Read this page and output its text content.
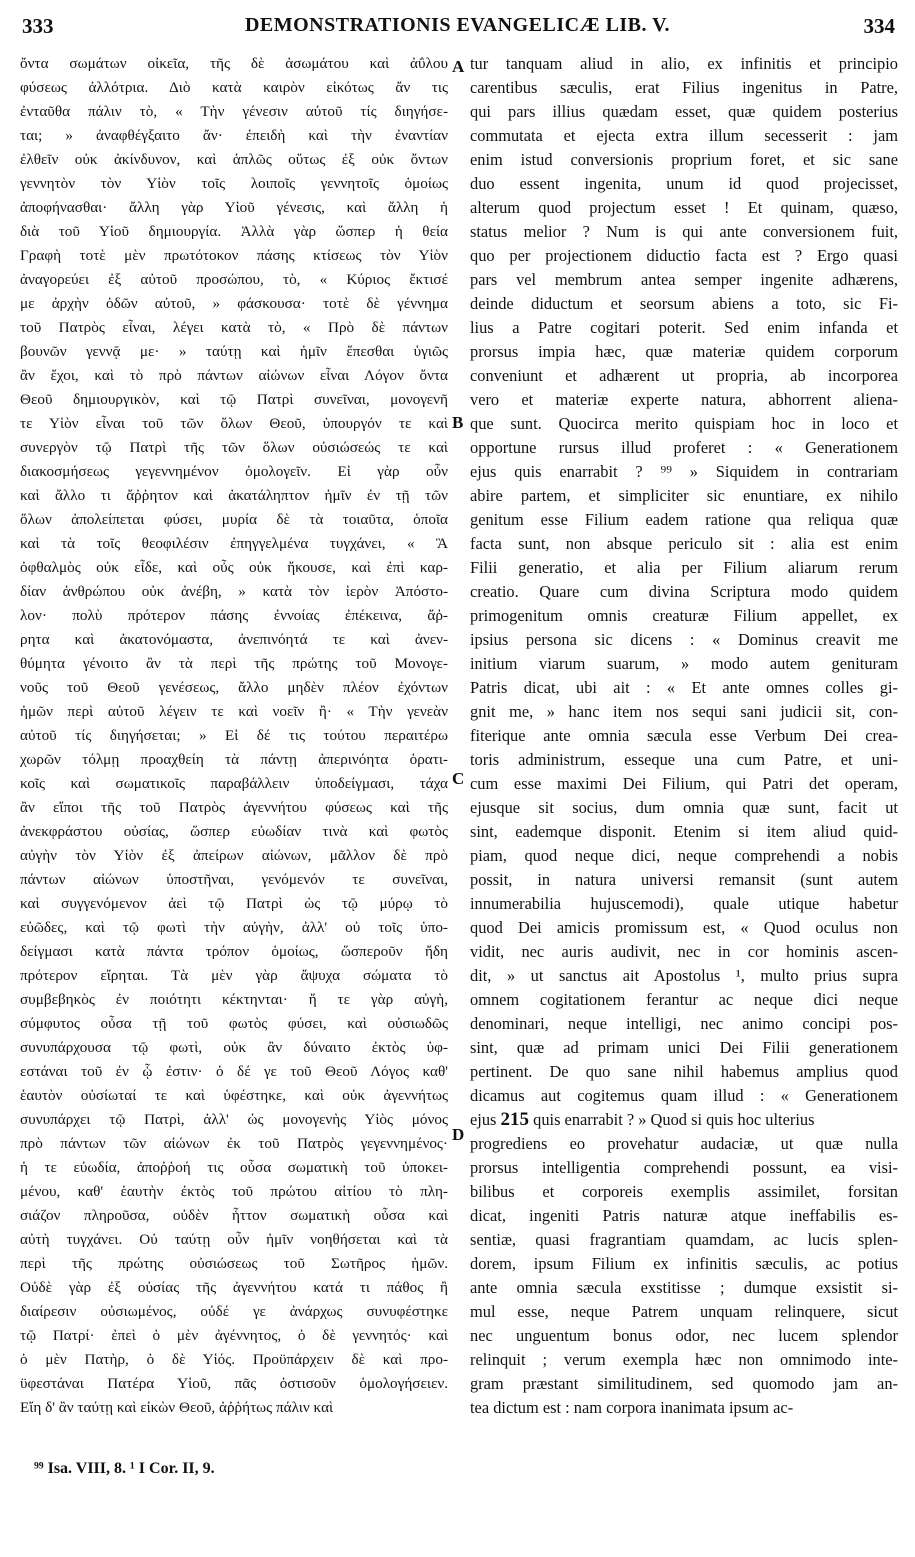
333	DEMONSTRATIONIS EVANGELICÆ LIB. V.	334
ὄντα σωμάτων οἰκεῖα, τῆς δὲ ἀσωμάτου καὶ ἀΰλου
φύσεως ἀλλότρια. Διὸ κατὰ καιρὸν εἰκότως ἄν τις
ἐνταῦθα πάλιν τὸ, « Τὴν γένεσιν αὐτοῦ τίς διηγήσε-
ται; » ἀναφθέγξαιτο ἄν· ἐπειδὴ καὶ τὴν ἐναντίαν
ἐλθεῖν οὐκ ἀκίνδυνον, καὶ ἁπλῶς οὕτως ἐξ οὐκ ὄντων
γεννητὸν τὸν Υἱὸν τοῖς λοιποῖς γεννητοῖς ὁμοίως
ἀποφήνασθαι· ἄλλη γὰρ Υἱοῦ γένεσις, καὶ ἄλλη ἡ
διὰ τοῦ Υἱοῦ δημιουργία. Ἀλλὰ γὰρ ὥσπερ ἡ θεία
Γραφὴ τοτὲ μὲν πρωτότοκον πάσης κτίσεως τὸν Υἱὸν
ἀναγορεύει ἐξ αὐτοῦ προσώπου, τὸ, « Κύριος ἔκτισέ
με ἀρχὴν ὁδῶν αὐτοῦ, » φάσκουσα· τοτὲ δὲ γέννημα
τοῦ Πατρὸς εἶναι, λέγει κατὰ τὸ, « Πρὸ δὲ πάντων
βουνῶν γεννᾷ με· » ταύτῃ καὶ ἡμῖν ἕπεσθαι ὑγιῶς
ἂν ἔχοι, καὶ τὸ πρὸ πάντων αἰώνων εἶναι Λόγον ὄντα
Θεοῦ δημιουργικὸν, καὶ τῷ Πατρὶ συνεῖναι, μονογενῆ
τε Υἱὸν εἶναι τοῦ τῶν ὅλων Θεοῦ, ὑπουργόν τε καὶ
συνεργὸν τῷ Πατρὶ τῆς τῶν ὅλων οὐσιώσεώς τε καὶ
διακοσμήσεως γεγεννημένον ὁμολογεῖν. Εἰ γὰρ οὖν
καὶ ἄλλο τι ἄῤῥητον καὶ ἀκατάληπτον ἡμῖν ἐν τῇ τῶν
ὅλων ἀπολείπεται φύσει, μυρία δὲ τὰ τοιαῦτα, ὁποῖα
καὶ τὰ τοῖς θεοφιλέσιν ἐπηγγελμένα τυγχάνει, « Ἃ
ὀφθαλμὸς οὐκ εἶδε, καὶ οὖς οὐκ ἤκουσε, καὶ ἐπὶ καρ-
δίαν ἀνθρώπου οὐκ ἀνέβη, » κατὰ τὸν ἱερὸν Ἀπόστο-
λον· πολὺ πρότερον πάσης ἐννοίας ἐπέκεινα, ἄῤ-
ρητα καὶ ἀκατονόμαστα, ἀνεπινόητά τε καὶ ἀνεν-
θύμητα γένοιτο ἂν τὰ περὶ τῆς πρώτης τοῦ Μονογε-
νοῦς τοῦ Θεοῦ γενέσεως, ἄλλο μηδὲν πλέον ἐχόντων
ἡμῶν περὶ αὐτοῦ λέγειν τε καὶ νοεῖν ἢ· « Τὴν γενεὰν
αὐτοῦ τίς διηγήσεται; » Εἰ δέ τις τούτου περαιτέρω
χωρῶν τόλμῃ προαχθείη τὰ πάντῃ ἀπερινόητα ὁρατι-
κοῖς καὶ σωματικοῖς παραβάλλειν ὑποδείγμασι, τάχα
ἂν εἴποι τῆς τοῦ Πατρὸς ἀγεννήτου φύσεως καὶ τῆς
ἀνεκφράστου οὐσίας, ὥσπερ εὐωδίαν τινὰ καὶ φωτὸς
αὐγὴν τὸν Υἱὸν ἐξ ἀπείρων αἰώνων, μᾶλλον δὲ πρὸ
πάντων αἰώνων ὑποστῆναι, γενόμενόν τε συνεῖναι,
καὶ συγγενόμενον ἀεὶ τῷ Πατρὶ ὡς τῷ μύρῳ τὸ
εὐῶδες, καὶ τῷ φωτὶ τὴν αὐγὴν, ἀλλ' οὐ τοῖς ὑπο-
δείγμασι κατὰ πάντα τρόπον ὁμοίως, ὥσπεροῦν ἤδη
πρότερον εἴρηται. Τὰ μὲν γὰρ ἄψυχα σώματα τὸ
συμβεβηκὸς ἐν ποιότητι κέκτηνται· ἥ τε γὰρ αὐγὴ,
σύμφυτος οὖσα τῇ τοῦ φωτὸς φύσει, καὶ οὐσιωδῶς
συνυπάρχουσα τῷ φωτὶ, οὐκ ἂν δύναιτο ἐκτὸς ὑφ-
εστάναι τοῦ ἐν ᾧ ἐστιν· ὁ δέ γε τοῦ Θεοῦ Λόγος καθ'
ἑαυτὸν οὐσίωταί τε καὶ ὑφέστηκε, καὶ οὐκ ἀγεννήτως
συνυπάρχει τῷ Πατρὶ, ἀλλ' ὡς μονογενὴς Υἱὸς μόνος
πρὸ πάντων τῶν αἰώνων ἐκ τοῦ Πατρὸς γεγεννημένος·
ἡ τε εὐωδία, ἀποῤῥοή τις οὖσα σωματικὴ τοῦ ὑποκει-
μένου, καθ' ἑαυτὴν ἐκτὸς τοῦ πρώτου αἰτίου τὸ πλη-
σιάζον πληροῦσα, οὐδὲν ἧττον σωματικὴ οὖσα καὶ
αὐτὴ τυγχάνει. Οὐ ταύτῃ οὖν ἡμῖν νοηθήσεται καὶ τὰ
περὶ τῆς πρώτης οὐσιώσεως τοῦ Σωτῆρος ἡμῶν.
Οὐδὲ γὰρ ἐξ οὐσίας τῆς ἀγεννήτου κατά τι πάθος ἢ
διαίρεσιν οὐσιωμένος, οὐδέ γε ἀνάρχως συνυφέστηκε
τῷ Πατρί· ἐπεὶ ὁ μὲν ἀγέννητος, ὁ δὲ γεννητός· καὶ
ὁ μὲν Πατὴρ, ὁ δὲ Υἱός. Προϋπάρχειν δὲ καὶ προ-
ϋφεστάναι Πατέρα Υἱοῦ, πᾶς ὁστισοῦν ὁμολογήσειεν.
Εἴη δ' ἂν ταύτῃ καὶ εἰκὼν Θεοῦ, ἀῤῥήτως πάλιν καὶ
tur tanquam aliud in alio, ex infinitis et principio
carentibus sæculis, erat Filius ingenitus in Patre,
qui pars illius quædam esset, quæ quidem posterius
commutata et ejecta extra illum secesserit : jam
enim istud conversionis proprium foret, et sic sane
duo essent ingenita, unum id quod projecisset,
alterum quod projectum esset ! Et quinam, quæso,
status melior ? Num is qui ante conversionem fuit,
quo per projectionem diductio facta est ? Ergo quasi
pars vel membrum antea semper ingenite adhærens,
deinde diductum et seorsum abiens a toto, sic Fi-
lius a Patre cogitari poterit. Sed enim infanda et
prorsus impia hæc, quæ materiæ quidem corporum
conveniunt et adhærent ut propria, ab incorporea
vero et materiæ experte natura, abhorrent aliena-
que sunt. Quocirca merito quispiam hoc in loco et
opportune rursus illud proferet : « Generationem
ejus quis enarrabit ? ⁹⁹ » Siquidem in contrariam
abire partem, et simpliciter sic enuntiare, ex nihilo
genitum esse Filium eadem ratione qua reliqua quæ
facta sunt, non absque periculo sit : alia est enim
Filii generatio, et alia per Filium aliarum rerum
creatio. Quare cum divina Scriptura modo quidem
primogenitum omnis creaturæ Filium appellet, ex
ipsius persona sic dicens : « Dominus creavit me
initium viarum suarum, » modo autem genituram
Patris dicat, ubi ait : « Et ante omnes colles gi-
gnit me, » hanc item nos sequi sani judicii sit, con-
fiterique ante omnia sæcula esse Verbum Dei crea-
toris administrum, esseque una cum Patre, et uni-
cum esse maximi Dei Filium, qui Patri det operam,
ejusque sit socius, dum omnia quæ sunt, facit ut
sint, eademque disponit. Etenim si item aliud quid-
piam, quod neque dici, neque comprehendi a nobis
possit, in natura universi remansit (sunt autem
innumerabilia hujuscemodi), quale utique habetur
quod Dei amicis promissum est, « Quod oculus non
vidit, nec auris audivit, nec in cor hominis ascen-
dit, » ut sanctus ait Apostolus ¹, multo prius supra
omnem cogitationem ferantur ac neque dici neque
denominari, neque intelligi, nec animo concipi pos-
sint, quæ ad primam unici Dei Filii generationem
pertinent. De quo sane nihil habemus amplius quod
dicamus aut cogitemus quam illud : « Generationem
ejus 215 quis enarrabit ? » Quod si quis hoc ulterius
progrediens eo provehatur audaciæ, ut quæ nulla
prorsus intelligentia comprehendi possunt, ea visi-
bilibus et corporeis exemplis assimilet, forsitan
dicat, ingeniti Patris naturæ atque ineffabilis es-
sentiæ, quasi fragrantiam quamdam, ac lucis splen-
dorem, ipsum Filium ex infinitis sæculis, ac potius
ante omnia sæcula exstitisse ; dumque exsistit si-
mul esse, neque Patrem unquam relinquere, sicut
nec unguentum bonus odor, nec lucem splendor
relinquit ; verum exempla hæc non omnimodo inte-
gram præstant similitudinem, sed quomodo jam an-
tea dictum est : nam corpora inanimata ipsum ac-
A
B
C
D
⁹⁹ Isa. VIII, 8. ¹ I Cor. II, 9.
